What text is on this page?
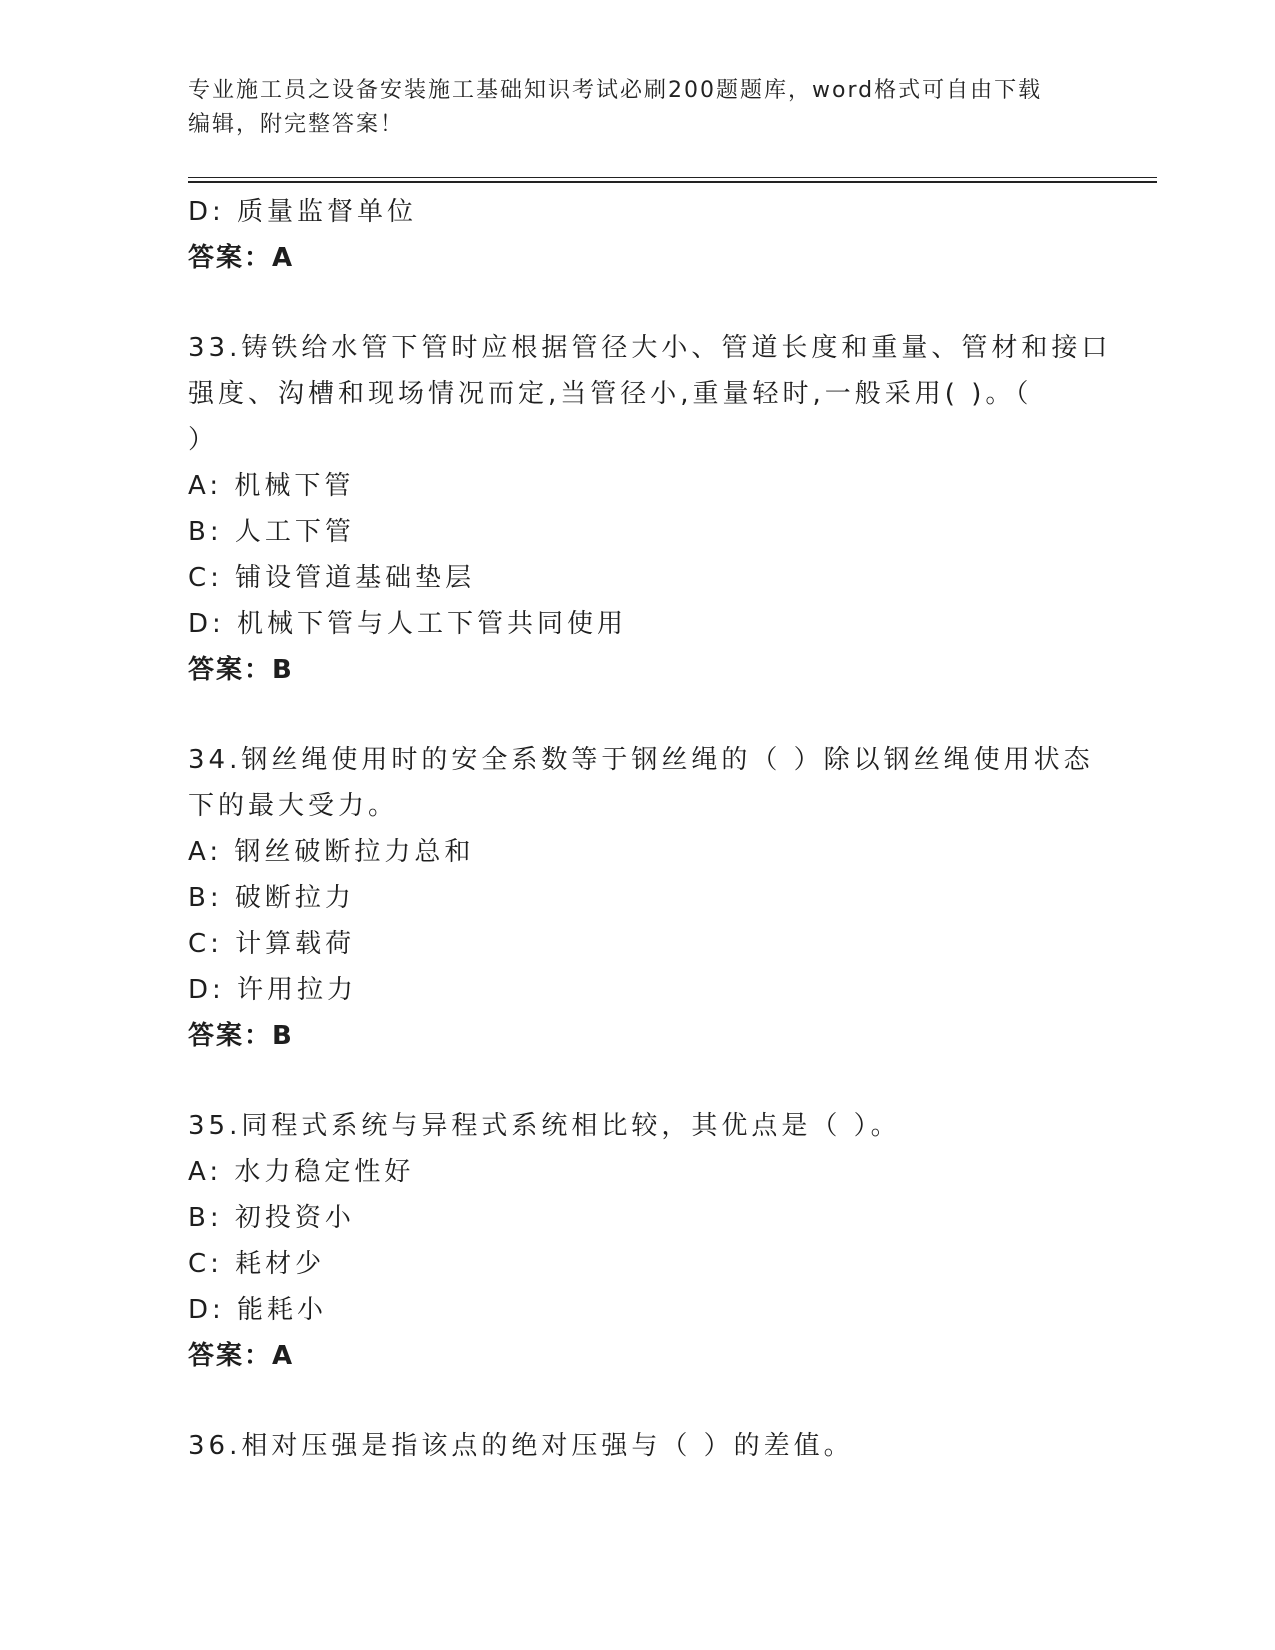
专业施工员之设备安装施工基础知识考试必刷200题题库，word格式可自由下载
编辑，附完整答案！
D: 质量监督单位
答案：A
33.铸铁给水管下管时应根据管径大小、管道长度和重量、管材和接口
强度、沟槽和现场情况而定,当管径小,重量轻时,一般采用( )。（
）
A: 机械下管
B: 人工下管
C: 铺设管道基础垫层
D: 机械下管与人工下管共同使用
答案：B
34.钢丝绳使用时的安全系数等于钢丝绳的（ ）除以钢丝绳使用状态
下的最大受力。
A: 钢丝破断拉力总和
B: 破断拉力
C: 计算载荷
D: 许用拉力
答案：B
35.同程式系统与异程式系统相比较，其优点是（ ）。
A: 水力稳定性好
B: 初投资小
C: 耗材少
D: 能耗小
答案：A
36.相对压强是指该点的绝对压强与（ ）的差值。
